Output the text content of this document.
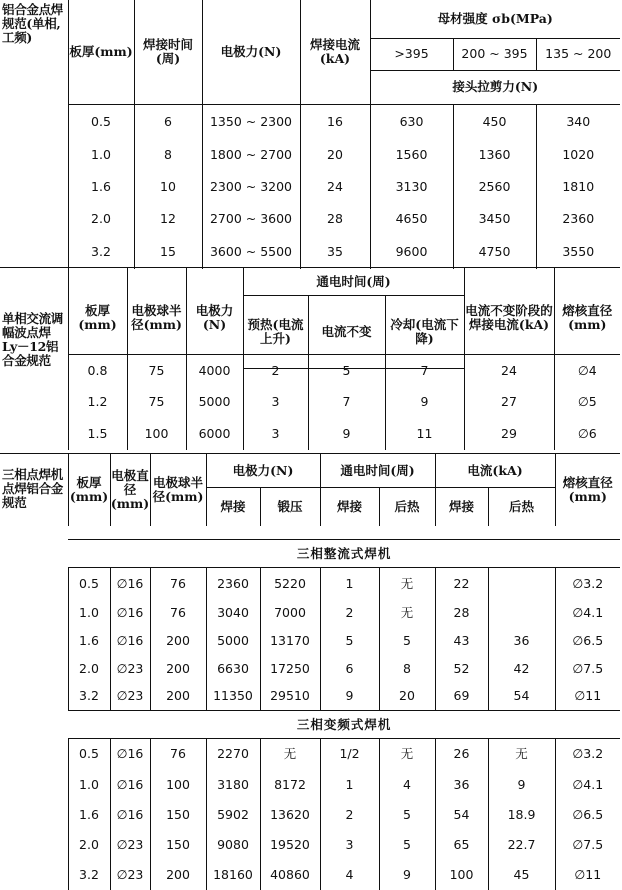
铝合金点焊规范(单相,工频)	板厚(mm)	焊接时间(周)	电极力(N)	焊接电流(kA)	母材强度 σb(MPa)		
					>395	200 ~ 395	135 ~ 200
					接头拉剪力(N)		
	0.5	6	1350 ~ 2300	16	630	450	340
	1.0	8	1800 ~ 2700	20	1560	1360	1020
	1.6	10	2300 ~ 3200	24	3130	2560	1810
	2.0	12	2700 ~ 3600	28	4650	3450	2360
	3.2	15	3600 ~ 5500	35	9600	4750	3550
单相交流调幅波点焊 Ly－12铝合金规范	板厚(mm)	电极球半径(mm)	电极力(N)	通电时间(周)			电流不变阶段的焊接电流(kA)	熔核直径(mm)
				预热(电流上升)	电流不变	冷却(电流下降)		

	0.8	75	4000	2	5	7	24	∅4
	1.2	75	5000	3	7	9	27	∅5
	1.5	100	6000	3	9	11	29	∅6
三相点焊机点焊铝合金规范	板厚(mm)	电极直径(mm)	电极球半径(mm)	电极力(N)		通电时间(周)		电流(kA)		熔核直径(mm)
				焊接	锻压	焊接	后热	焊接	后热	

	三相整流式焊机									
	0.5	∅16	76	2360	5220	1	无	22		∅3.2
	1.0	∅16	76	3040	7000	2	无	28		∅4.1
	1.6	∅16	200	5000	13170	5	5	43	36	∅6.5
	2.0	∅23	200	6630	17250	6	8	52	42	∅7.5
	3.2	∅23	200	11350	29510	9	20	69	54	∅11
	三相变频式焊机									
	0.5	∅16	76	2270	无	1/2	无	26	无	∅3.2
	1.0	∅16	100	3180	8172	1	4	36	9	∅4.1
	1.6	∅16	150	5902	13620	2	5	54	18.9	∅6.5
	2.0	∅23	150	9080	19520	3	5	65	22.7	∅7.5
	3.2	∅23	200	18160	40860	4	9	100	45	∅11
